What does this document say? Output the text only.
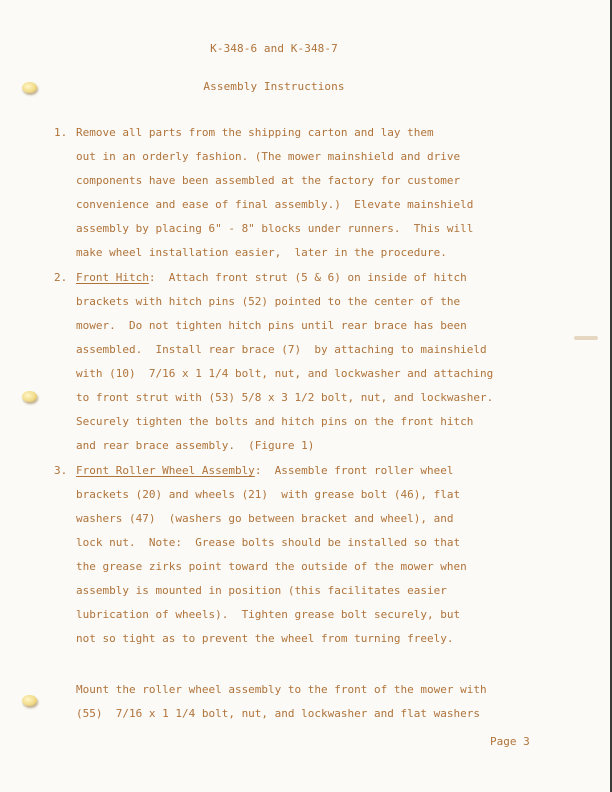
K-348-6 and K-348-7
Assembly Instructions
1. Remove all parts from the shipping carton and lay them
out in an orderly fashion. (The mower mainshield and drive
components have been assembled at the factory for customer
convenience and ease of final assembly.)  Elevate mainshield
assembly by placing 6" - 8" blocks under runners.  This will
make wheel installation easier,  later in the procedure.
2. Front Hitch:  Attach front strut (5 & 6) on inside of hitch
brackets with hitch pins (52) pointed to the center of the
mower.  Do not tighten hitch pins until rear brace has been
assembled.  Install rear brace (7)  by attaching to mainshield
with (10)  7/16 x 1 1/4 bolt, nut, and lockwasher and attaching
to front strut with (53) 5/8 x 3 1/2 bolt, nut, and lockwasher.
Securely tighten the bolts and hitch pins on the front hitch
and rear brace assembly.  (Figure 1)
3. Front Roller Wheel Assembly:  Assemble front roller wheel
brackets (20) and wheels (21)  with grease bolt (46), flat
washers (47)  (washers go between bracket and wheel), and
lock nut.  Note:  Grease bolts should be installed so that
the grease zirks point toward the outside of the mower when
assembly is mounted in position (this facilitates easier
lubrication of wheels).  Tighten grease bolt securely, but
not so tight as to prevent the wheel from turning freely.
Mount the roller wheel assembly to the front of the mower with
(55)  7/16 x 1 1/4 bolt, nut, and lockwasher and flat washers
Page 3
